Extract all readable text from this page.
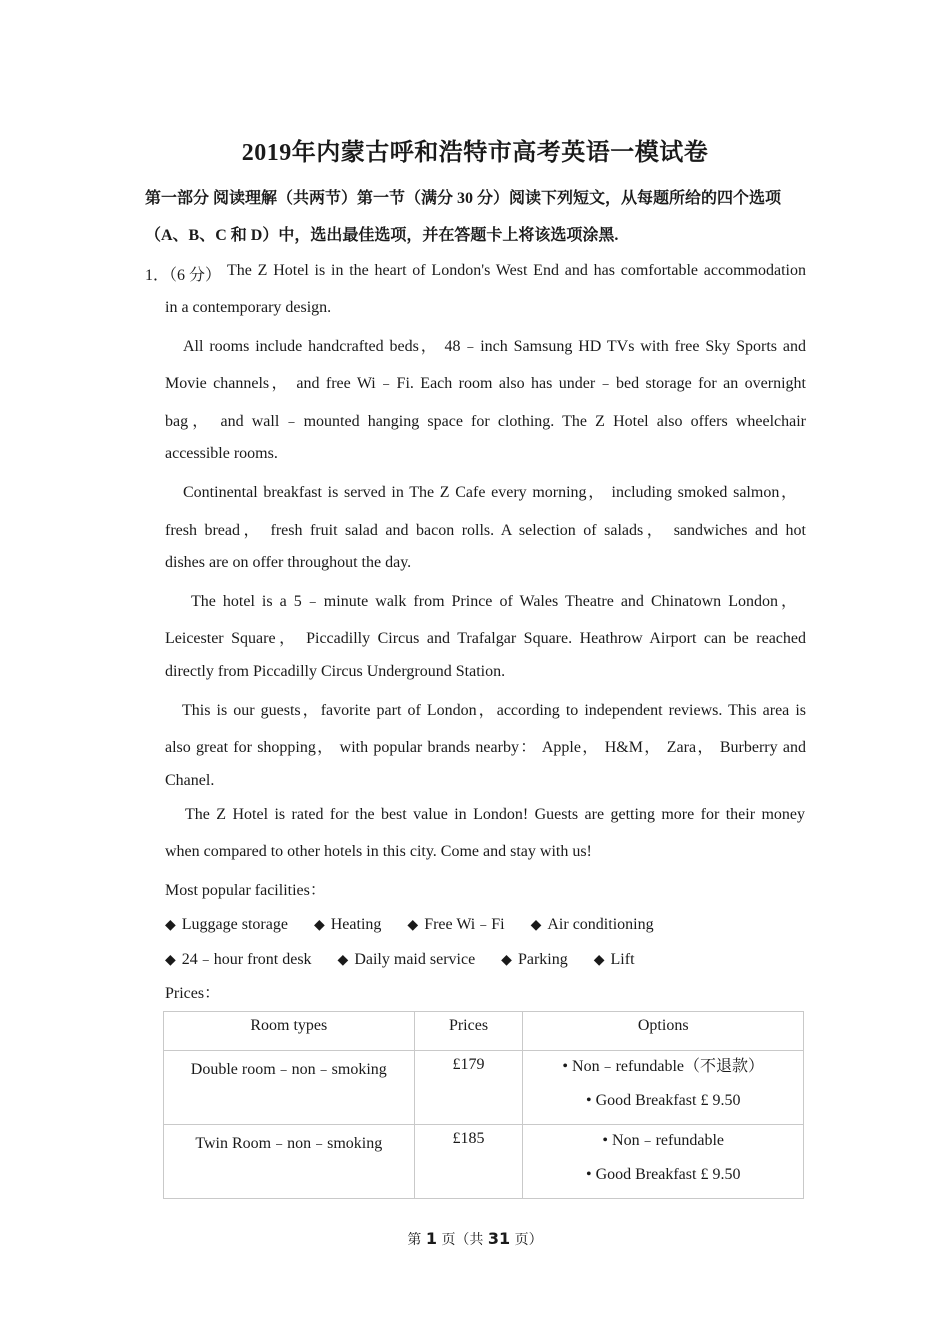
2019年内蒙古呼和浩特市高考英语一模试卷
第一部分 阅读理解（共两节）第一节（满分 30 分）阅读下列短文，从每题所给的四个选项
（A、B、C 和 D）中，选出最佳选项，并在答题卡上将该选项涂黑.
1．（6 分） The Z Hotel is in the heart of London's West End and has comfortable accommodation
in a contemporary design.
All rooms include handcrafted beds， 48﹣inch Samsung HD TVs with free Sky Sports and
Movie channels， and free Wi﹣Fi. Each room also has under﹣bed storage for an overnight
bag， and wall﹣mounted hanging space for clothing. The Z Hotel also offers wheelchair
accessible rooms.
Continental breakfast is served in The Z Cafe every morning， including smoked salmon，
fresh bread， fresh fruit salad and bacon rolls. A selection of salads， sandwiches and hot
dishes are on offer throughout the day.
The hotel is a 5﹣minute walk from Prince of Wales Theatre and Chinatown London，
Leicester Square， Piccadilly Circus and Trafalgar Square. Heathrow Airport can be reached
directly from Piccadilly Circus Underground Station.
This is our guests，favorite part of London，according to independent reviews. This area is
also great for shopping， with popular brands nearby： Apple， H&M， Zara， Burberry and
Chanel.
The Z Hotel is rated for the best value in London! Guests are getting more for their money
when compared to other hotels in this city. Come and stay with us!
Most popular facilities：
◆ Luggage storage ◆ Heating ◆ Free Wi﹣Fi ◆ Air conditioning
◆ 24﹣hour front desk ◆ Daily maid service ◆ Parking ◆ Lift
Prices：
Room types	Prices	Options
Double room﹣non﹣smoking	£179	• Non﹣refundable（不退款）
• Good Breakfast £ 9.50

Twin Room﹣non﹣smoking	£185	• Non﹣refundable
• Good Breakfast £ 9.50
第 1 页（共 31 页）
